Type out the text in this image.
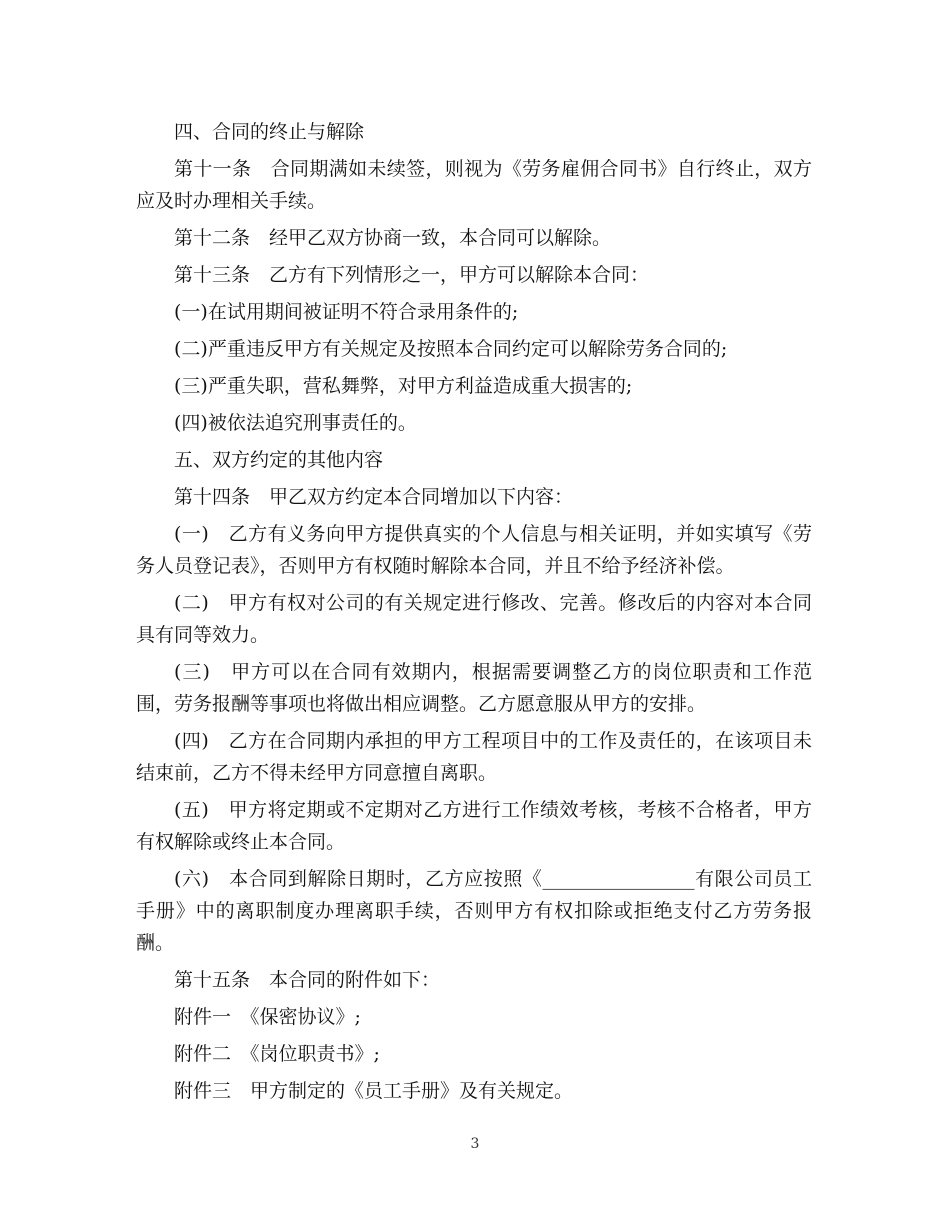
四、合同的终止与解除

第十一条　合同期满如未续签，则视为《劳务雇佣合同书》自行终止，双方应及时办理相关手续。

第十二条　经甲乙双方协商一致，本合同可以解除。

第十三条　乙方有下列情形之一，甲方可以解除本合同：

(一)在试用期间被证明不符合录用条件的;

(二)严重违反甲方有关规定及按照本合同约定可以解除劳务合同的;

(三)严重失职，营私舞弊，对甲方利益造成重大损害的;

(四)被依法追究刑事责任的。

五、双方约定的其他内容

第十四条　甲乙双方约定本合同增加以下内容：

(一)　乙方有义务向甲方提供真实的个人信息与相关证明，并如实填写《劳务人员登记表》，否则甲方有权随时解除本合同，并且不给予经济补偿。

(二)　甲方有权对公司的有关规定进行修改、完善。修改后的内容对本合同具有同等效力。

(三)　甲方可以在合同有效期内，根据需要调整乙方的岗位职责和工作范围，劳务报酬等事项也将做出相应调整。乙方愿意服从甲方的安排。

(四)　乙方在合同期内承担的甲方工程项目中的工作及责任的，在该项目未结束前，乙方不得未经甲方同意擅自离职。

(五)　甲方将定期或不定期对乙方进行工作绩效考核，考核不合格者，甲方有权解除或终止本合同。

(六)　本合同到解除日期时，乙方应按照《________________有限公司员工手册》中的离职制度办理离职手续，否则甲方有权扣除或拒绝支付乙方劳务报酬。

第十五条　本合同的附件如下：

附件一　《保密协议》;

附件二　《岗位职责书》;

附件三　甲方制定的《员工手册》及有关规定。

3
